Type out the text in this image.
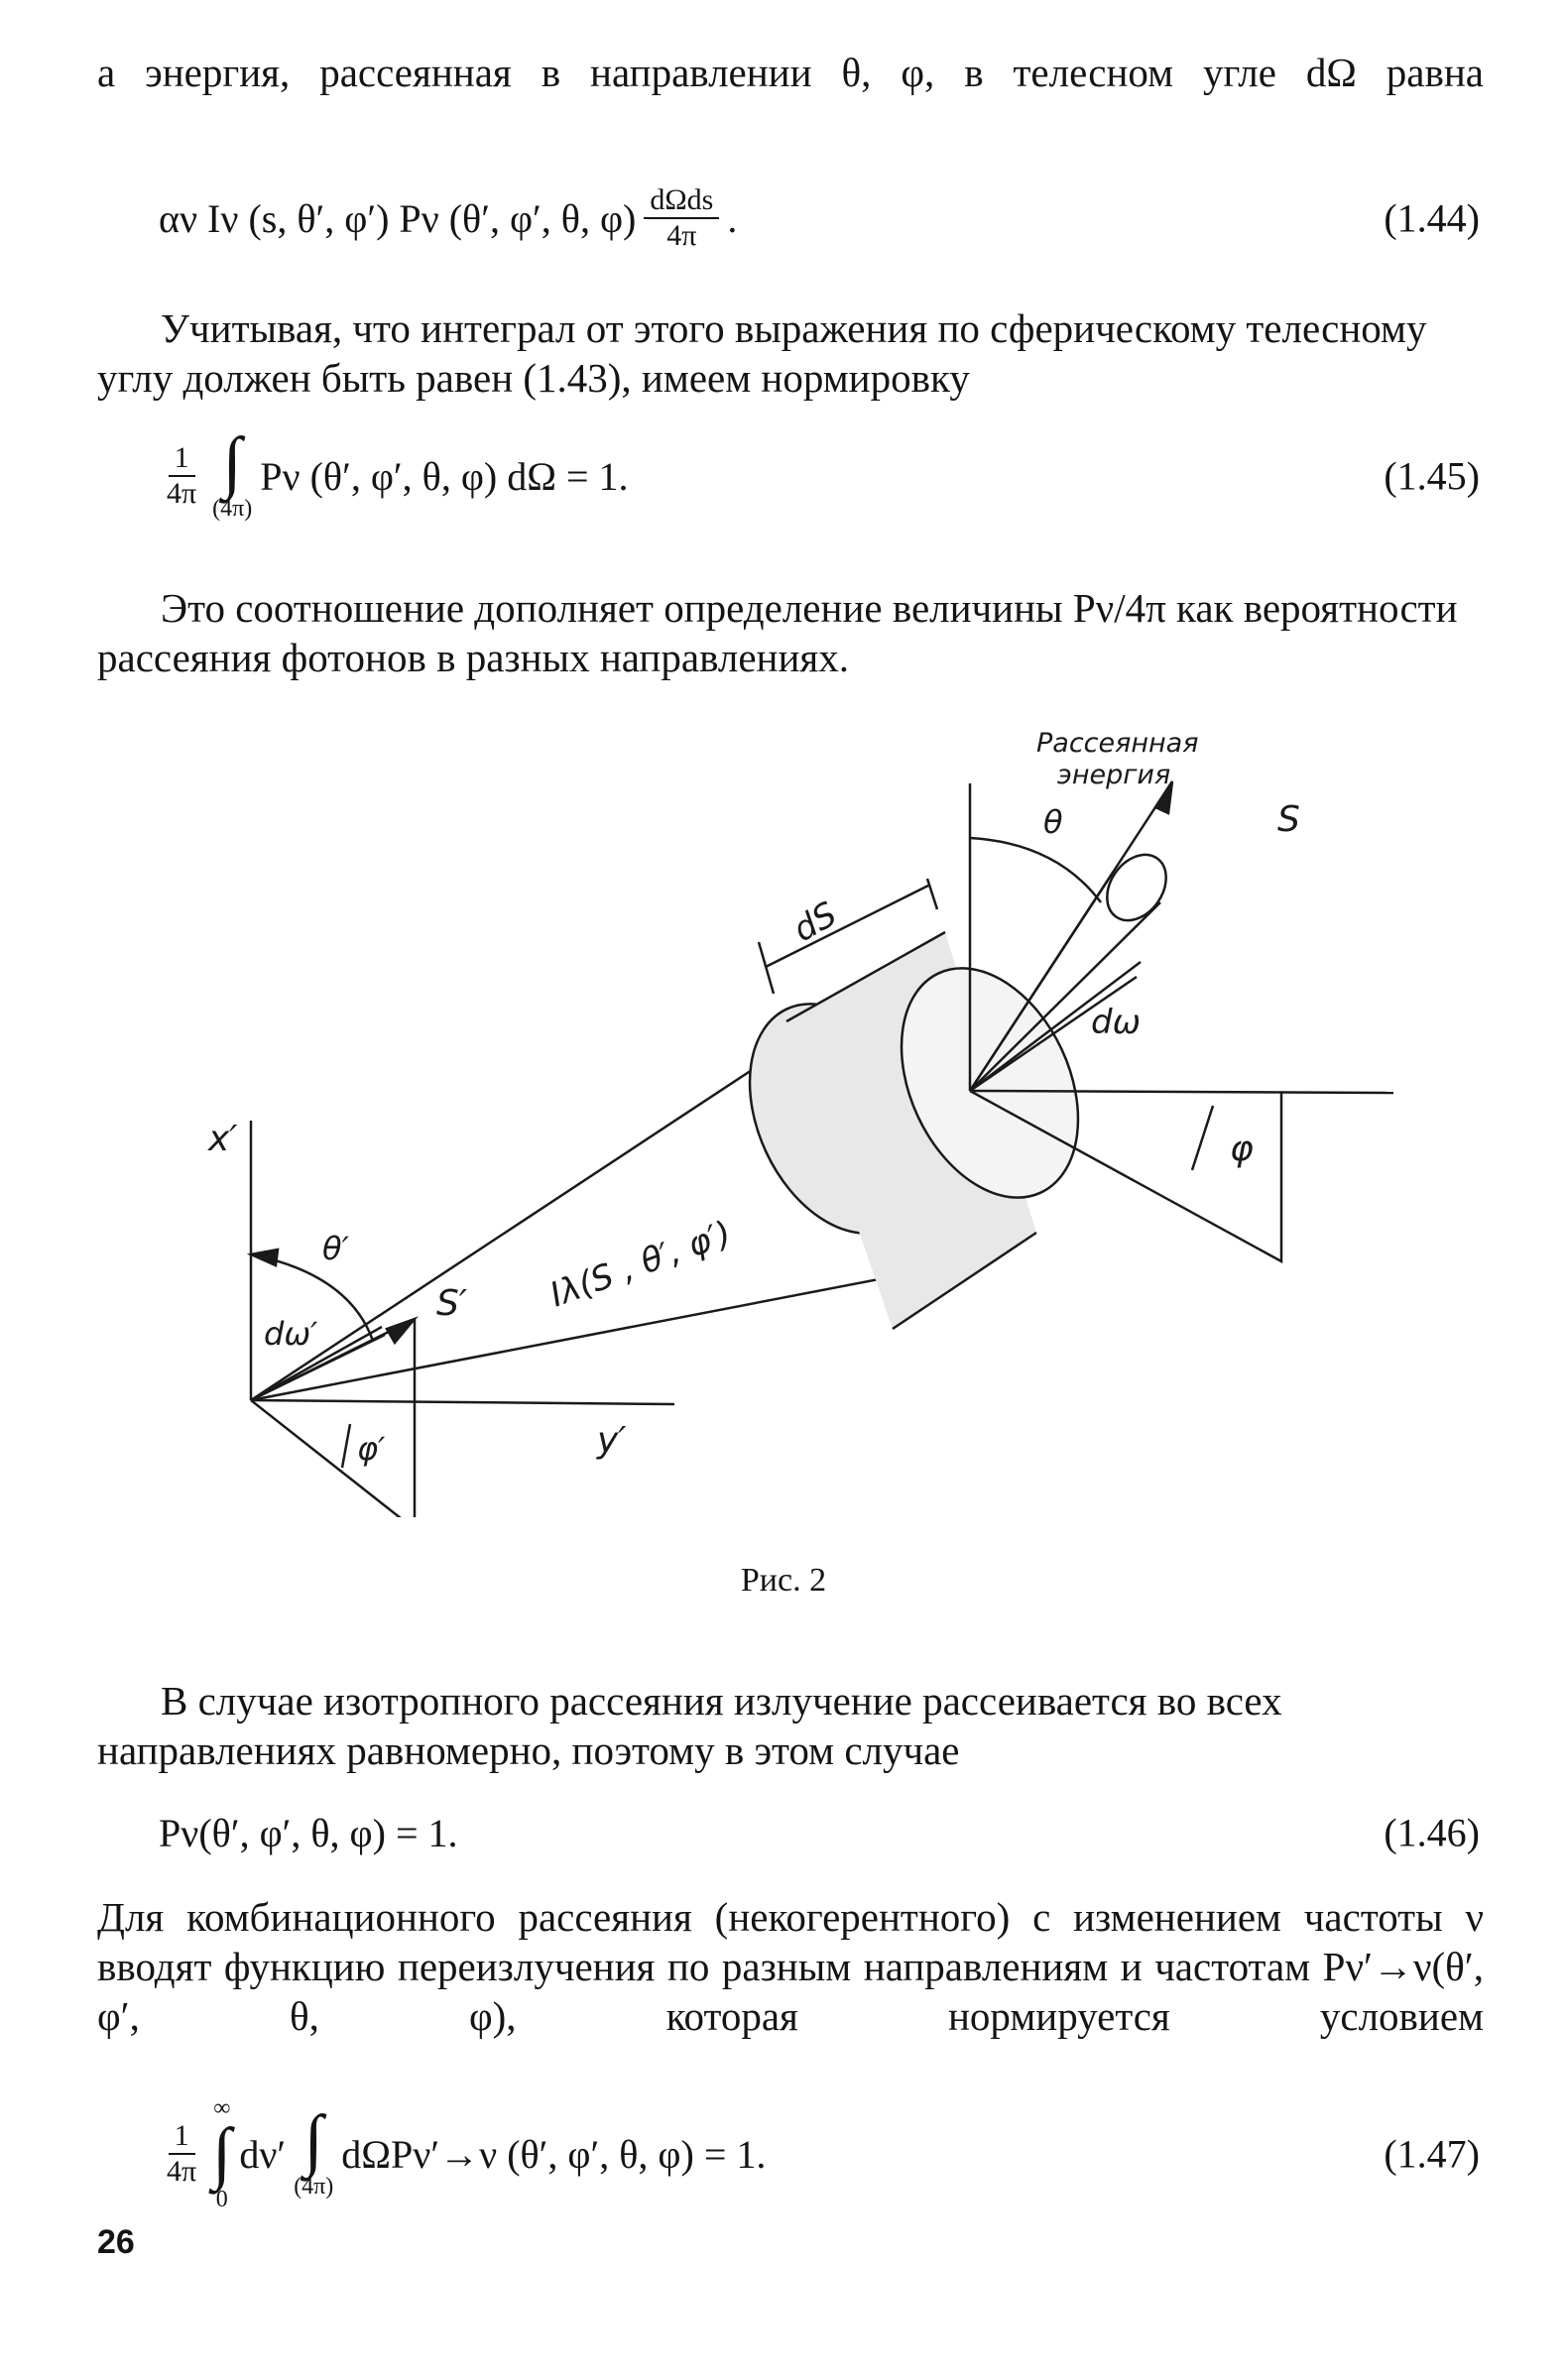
а энергия, рассеянная в направлении θ, φ, в телесном угле dΩ равна

αν Iν (s, θ′, φ′) Pν (θ′, φ′, θ, $\varphi) \frac{\text{dΩds}}{4\pi}$ .	(1.44)

Учитывая, что интеграл от этого выражения по сферическому телесному углу должен быть равен (1.43), имеем нормировку

$\frac{1}{4\pi}$ ∫
(4π)
Pν (θ′, φ′, θ, φ) dΩ = 1.	(1.45)

Это соотношение дополняет определение величины Pν/4π как вероятности рассеяния фотонов в разных направлениях.

Рассеянная
энергия
S
θ
dS
dω
φ
x′
θ′
dω′
S′ Iλ(S , θ′, φ′)
y′
φ′
Рис. 2

В случае изотропного рассеяния излучение рассеивается во всех направлениях равномерно, поэтому в этом случае

Pν(θ′, φ′, θ, φ) = 1.	(1.46)

Для комбинационного рассеяния (некогерентного) с изменением частоты ν вводят функцию переизлучения по разным направлениям и частотам Pν′→ν(θ′, φ′, θ, φ), которая нормируется условием

$\frac{1}{4\pi}$
∞
∫
0
dν′ ∫
(4π)
dΩPν′→ν (θ′, φ′, θ, φ) = 1.	(1.47)
26
